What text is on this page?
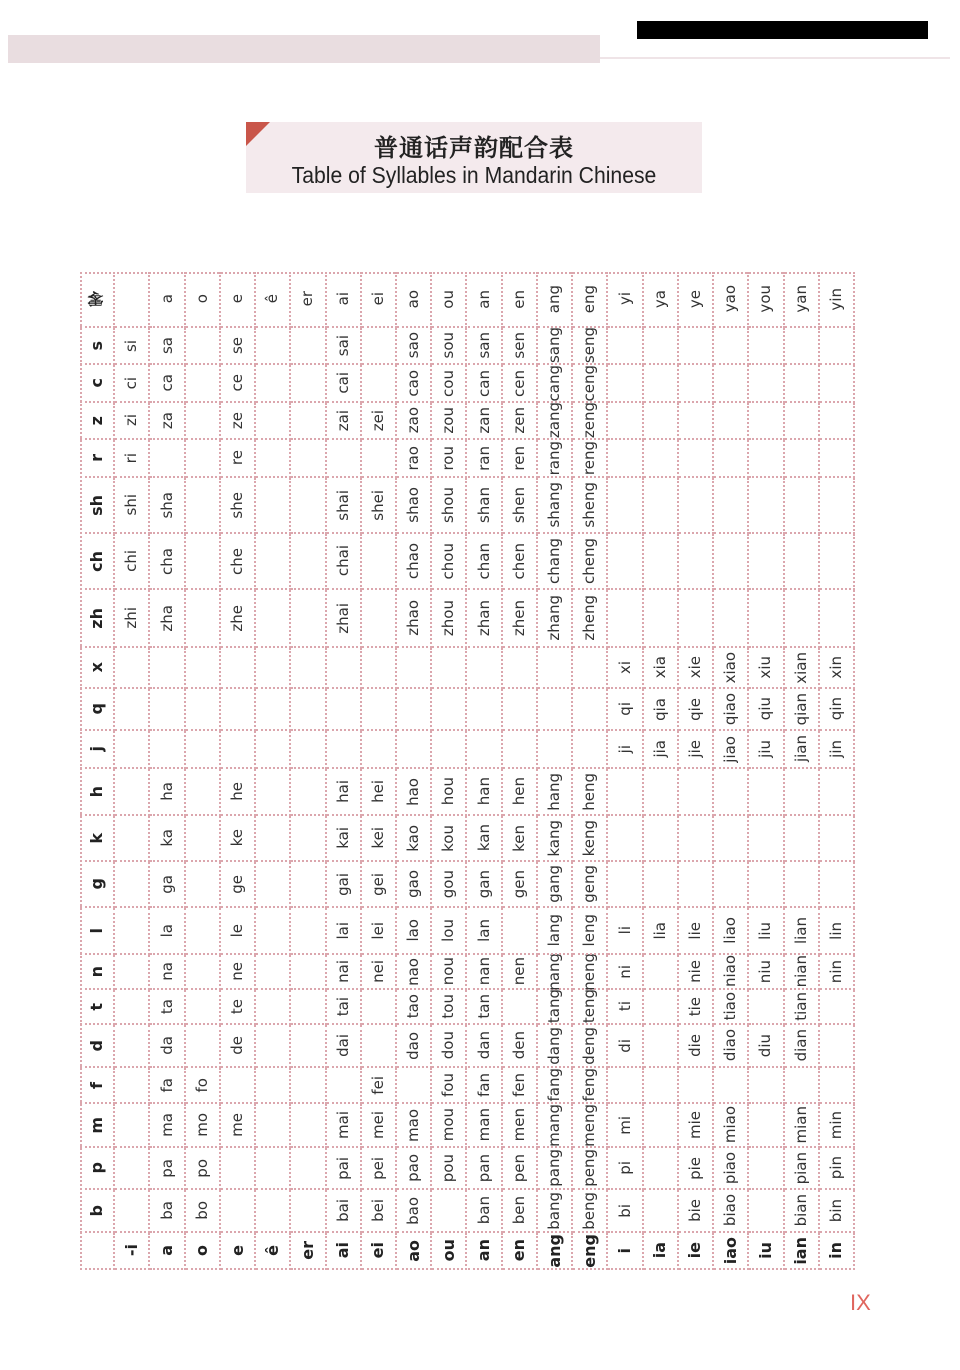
普通话声韵配合表
Table of Syllables in Mandarin Chinese
b
p
m
f
d
t
n
l
g
k
h
j
q
x
zh
ch
sh
r
z
c
s
零
-i
zhi
chi
shi
ri
zi
ci
si
a
ba
pa
ma
fa
da
ta
na
la
ga
ka
ha
zha
cha
sha
za
ca
sa
a
o
bo
po
mo
fo
o
e
me
de
te
ne
le
ge
ke
he
zhe
che
she
re
ze
ce
se
e
ê
ê
er
er
ai
bai
pai
mai
dai
tai
nai
lai
gai
kai
hai
zhai
chai
shai
zai
cai
sai
ai
ei
bei
pei
mei
fei
nei
lei
gei
kei
hei
shei
zei
ei
ao
bao
pao
mao
dao
tao
nao
lao
gao
kao
hao
zhao
chao
shao
rao
zao
cao
sao
ao
ou
pou
mou
fou
dou
tou
nou
lou
gou
kou
hou
zhou
chou
shou
rou
zou
cou
sou
ou
an
ban
pan
man
fan
dan
tan
nan
lan
gan
kan
han
zhan
chan
shan
ran
zan
can
san
an
en
ben
pen
men
fen
den
nen
gen
ken
hen
zhen
chen
shen
ren
zen
cen
sen
en
ang
bang
pang
mang
fang
dang
tang
nang
lang
gang
kang
hang
zhang
chang
shang
rang
zang
cang
sang
ang
eng
beng
peng
meng
feng
deng
teng
neng
leng
geng
keng
heng
zheng
cheng
sheng
reng
zeng
ceng
seng
eng
i
bi
pi
mi
di
ti
ni
li
ji
qi
xi
yi
ia
lia
jia
qia
xia
ya
ie
bie
pie
mie
die
tie
nie
lie
jie
qie
xie
ye
iao
biao
piao
miao
diao
tiao
niao
liao
jiao
qiao
xiao
yao
iu
diu
niu
liu
jiu
qiu
xiu
you
ian
bian
pian
mian
dian
tian
nian
lian
jian
qian
xian
yan
in
bin
pin
min
nin
lin
jin
qin
xin
yin
IX
